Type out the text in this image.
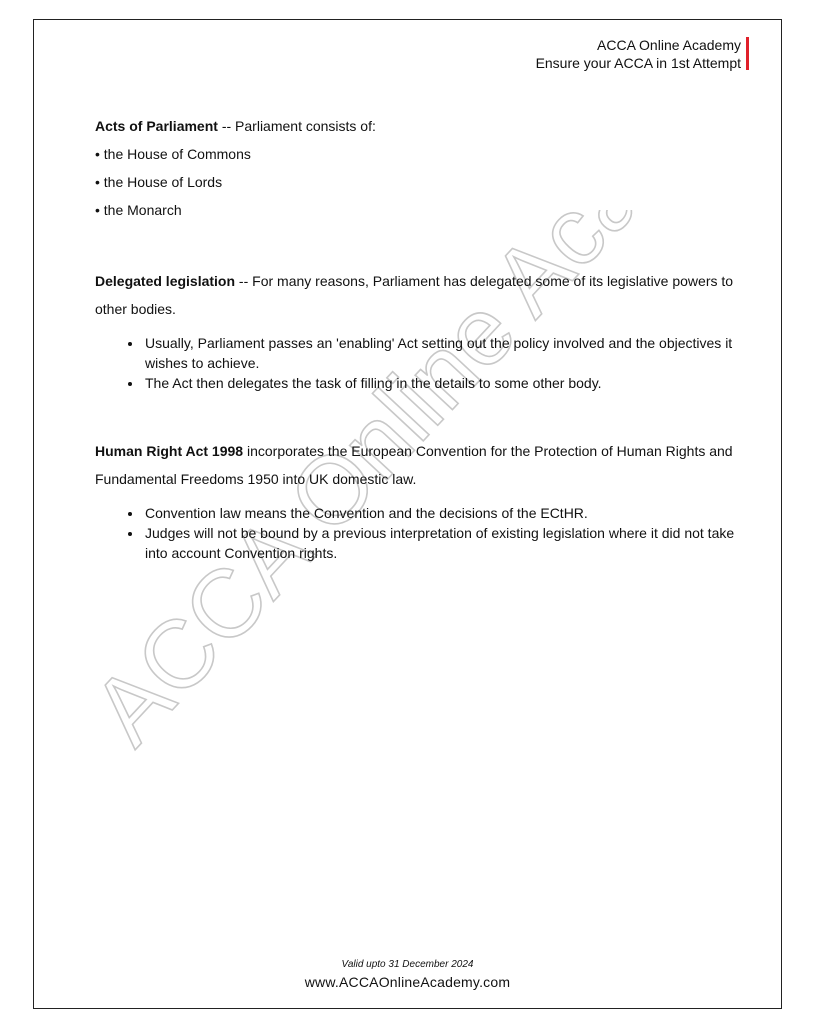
ACCA Online Academy
Ensure your ACCA in 1st Attempt

Acts of Parliament -- Parliament consists of:

• the House of Commons
• the House of Lords
• the Monarch

Delegated legislation -- For many reasons, Parliament has delegated some of its legislative powers to other bodies.

• Usually, Parliament passes an 'enabling' Act setting out the policy involved and the objectives it wishes to achieve.
• The Act then delegates the task of filling in the details to some other body.

Human Right Act 1998 incorporates the European Convention for the Protection of Human Rights and Fundamental Freedoms 1950 into UK domestic law.

• Convention law means the Convention and the decisions of the ECtHR.
• Judges will not be bound by a previous interpretation of existing legislation where it did not take into account Convention rights.
Valid upto 31 December 2024
www.ACCAOnlineAcademy.com
